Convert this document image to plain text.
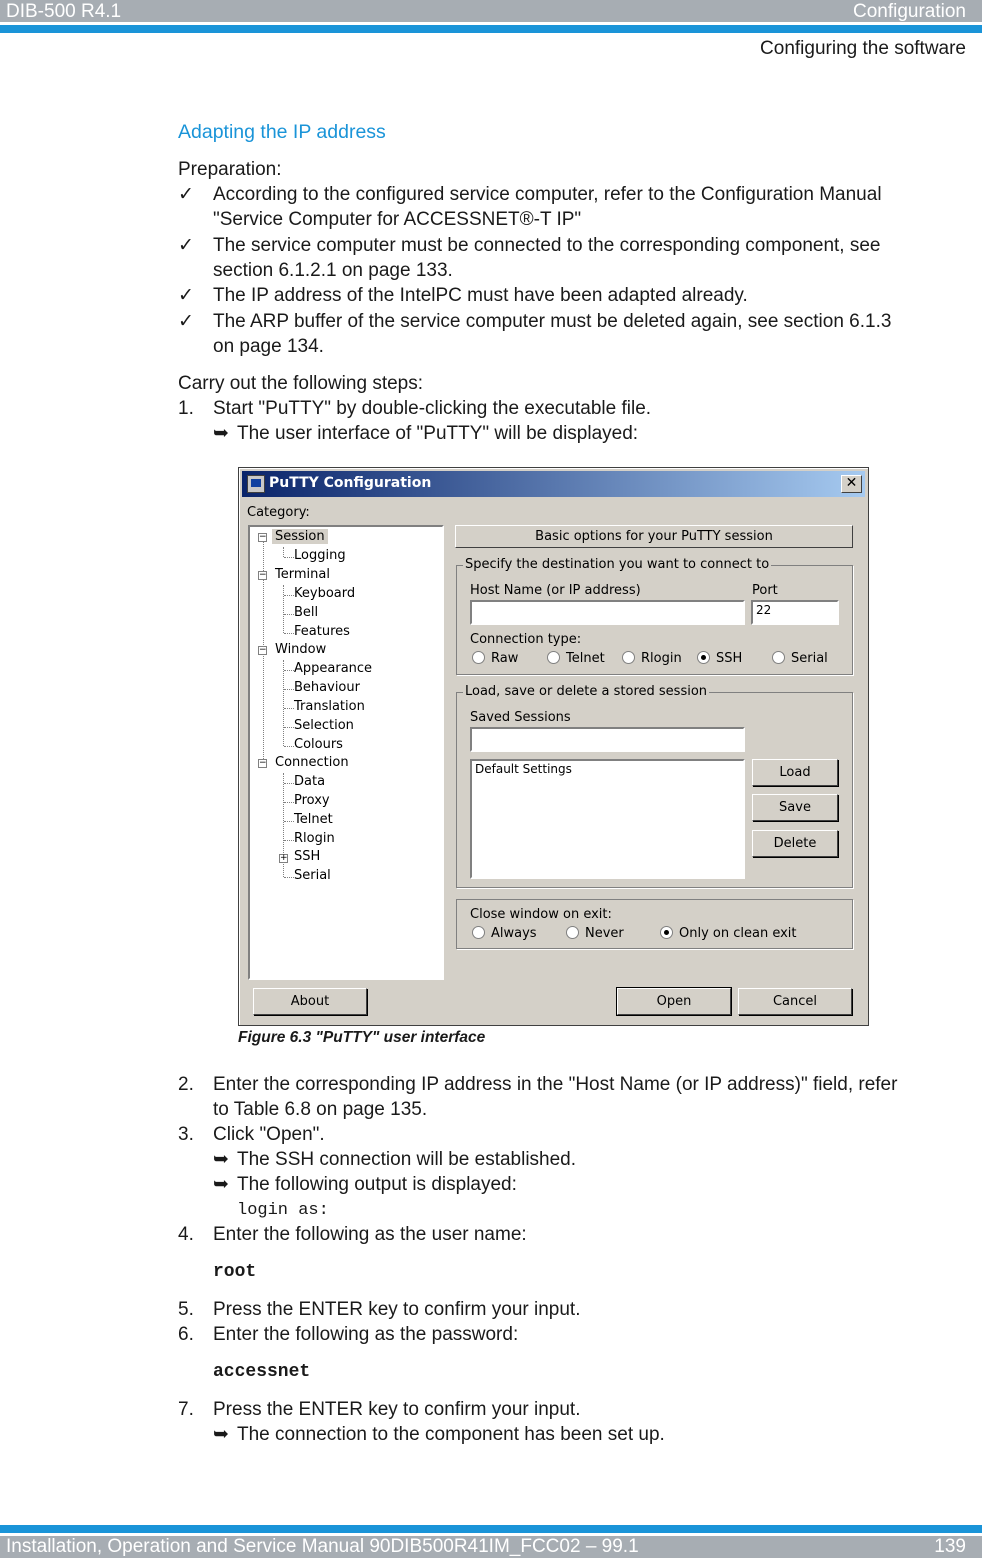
DIB-500 R4.1	Configuration
Configuring the software
Adapting the IP address
Preparation:
✓ According to the configured service computer, refer to the Configuration Manual
"Service Computer for ACCESSNET®-T IP"
✓ The service computer must be connected to the corresponding component, see
section 6.1.2.1 on page 133.
✓ The IP address of the IntelPC must have been adapted already.
✓ The ARP buffer of the service computer must be deleted again, see section 6.1.3
on page 134.
Carry out the following steps:
1. Start "PuTTY" by double-clicking the executable file.
➥ The user interface of "PuTTY" will be displayed:
PuTTY Configuration	✕
Category:
− Session
Logging
− Terminal
Keyboard
Bell
Features
− Window
Appearance
Behaviour
Translation
Selection
Colours
− Connection
Data
Proxy
Telnet
Rlogin
+ SSH
Serial
Basic options for your PuTTY session
Specify the destination you want to connect to
Host Name (or IP address)	Port
22
Connection type:
Raw	Telnet	Rlogin	SSH	Serial
Load, save or delete a stored session
Saved Sessions
Default Settings	Load
Save
Delete
Close window on exit:
Always	Never	Only on clean exit
About	Open	Cancel
Figure 6.3 "PuTTY" user interface
2. Enter the corresponding IP address in the "Host Name (or IP address)" field, refer
to Table 6.8 on page 135.
3. Click "Open".
➥ The SSH connection will be established.
➥ The following output is displayed:
login as:
4. Enter the following as the user name:
root
5. Press the ENTER key to confirm your input.
6. Enter the following as the password:
accessnet
7. Press the ENTER key to confirm your input.
➥ The connection to the component has been set up.
Installation, Operation and Service Manual 90DIB500R41IM_FCC02 – 99.1	139
